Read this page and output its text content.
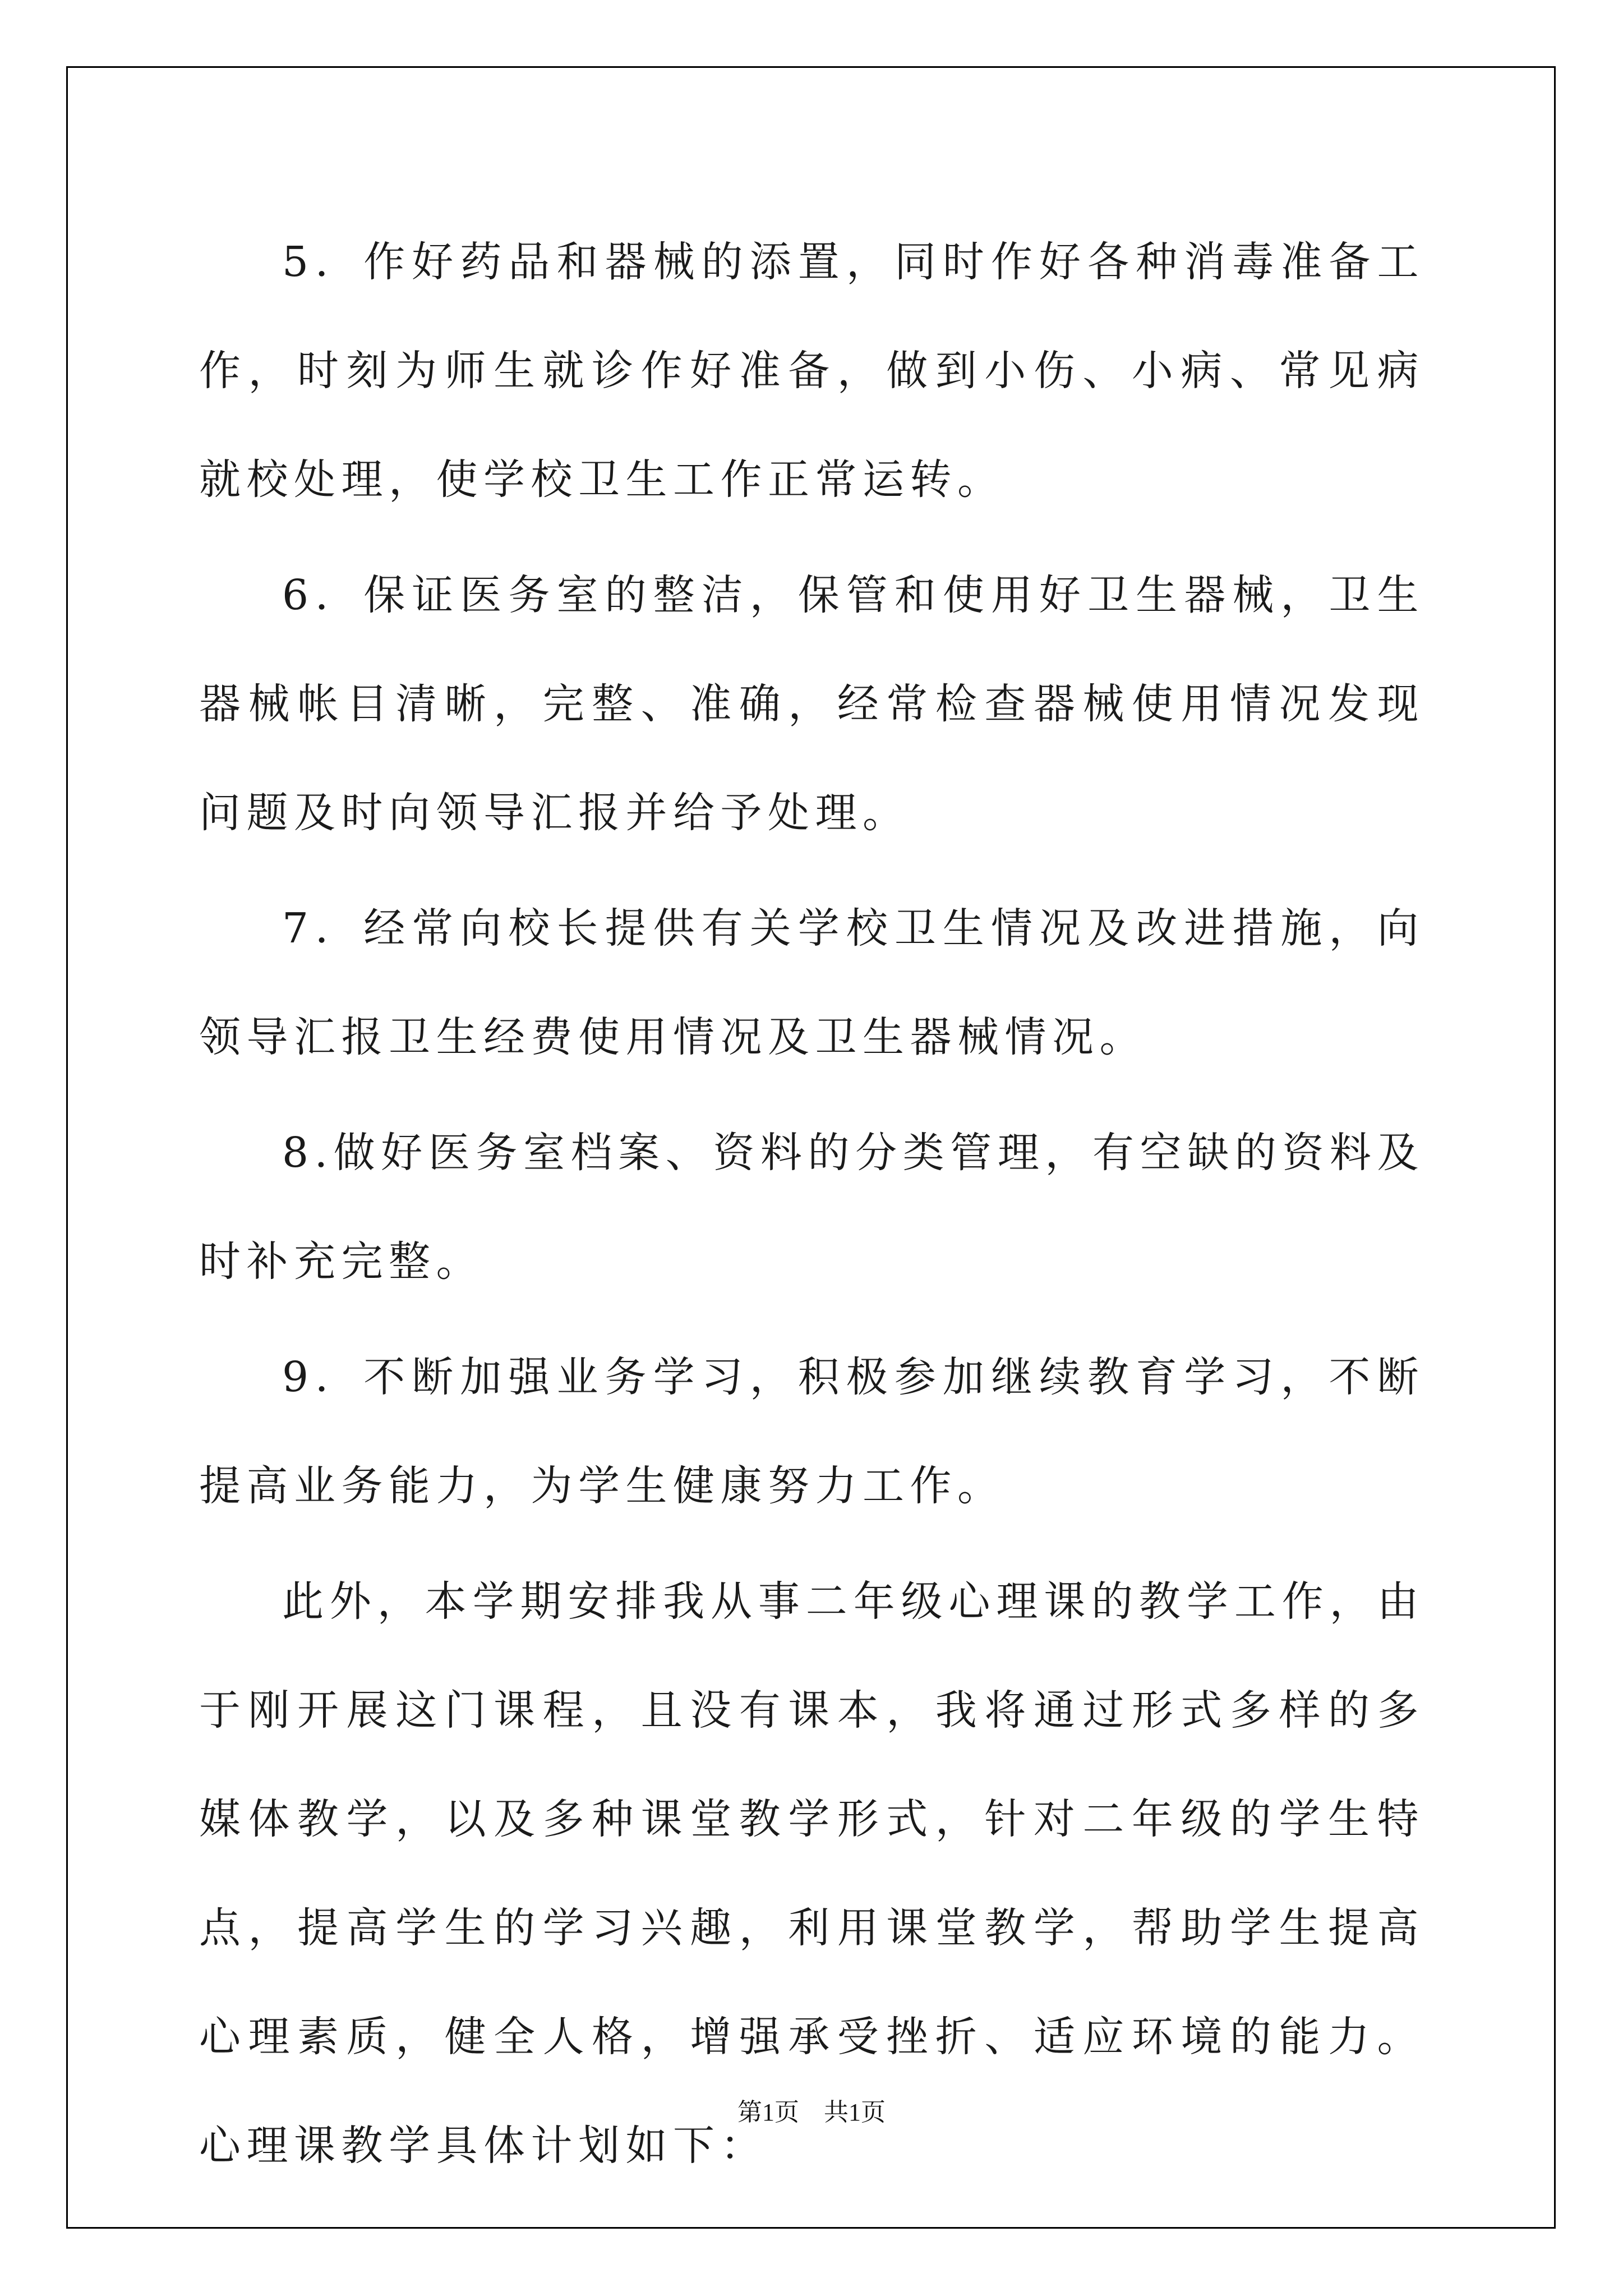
5．作好药品和器械的添置，同时作好各种消毒准备工作，时刻为师生就诊作好准备，做到小伤、小病、常见病就校处理，使学校卫生工作正常运转。

6．保证医务室的整洁，保管和使用好卫生器械，卫生器械帐目清晰，完整、准确，经常检查器械使用情况发现问题及时向领导汇报并给予处理。

7．经常向校长提供有关学校卫生情况及改进措施，向领导汇报卫生经费使用情况及卫生器械情况。

8.做好医务室档案、资料的分类管理，有空缺的资料及时补充完整。

9．不断加强业务学习，积极参加继续教育学习，不断提高业务能力，为学生健康努力工作。

此外，本学期安排我从事二年级心理课的教学工作，由于刚开展这门课程，且没有课本，我将通过形式多样的多媒体教学，以及多种课堂教学形式，针对二年级的学生特点，提高学生的学习兴趣，利用课堂教学，帮助学生提高心理素质，健全人格，增强承受挫折、适应环境的能力。心理课教学具体计划如下：

第1页　共1页
